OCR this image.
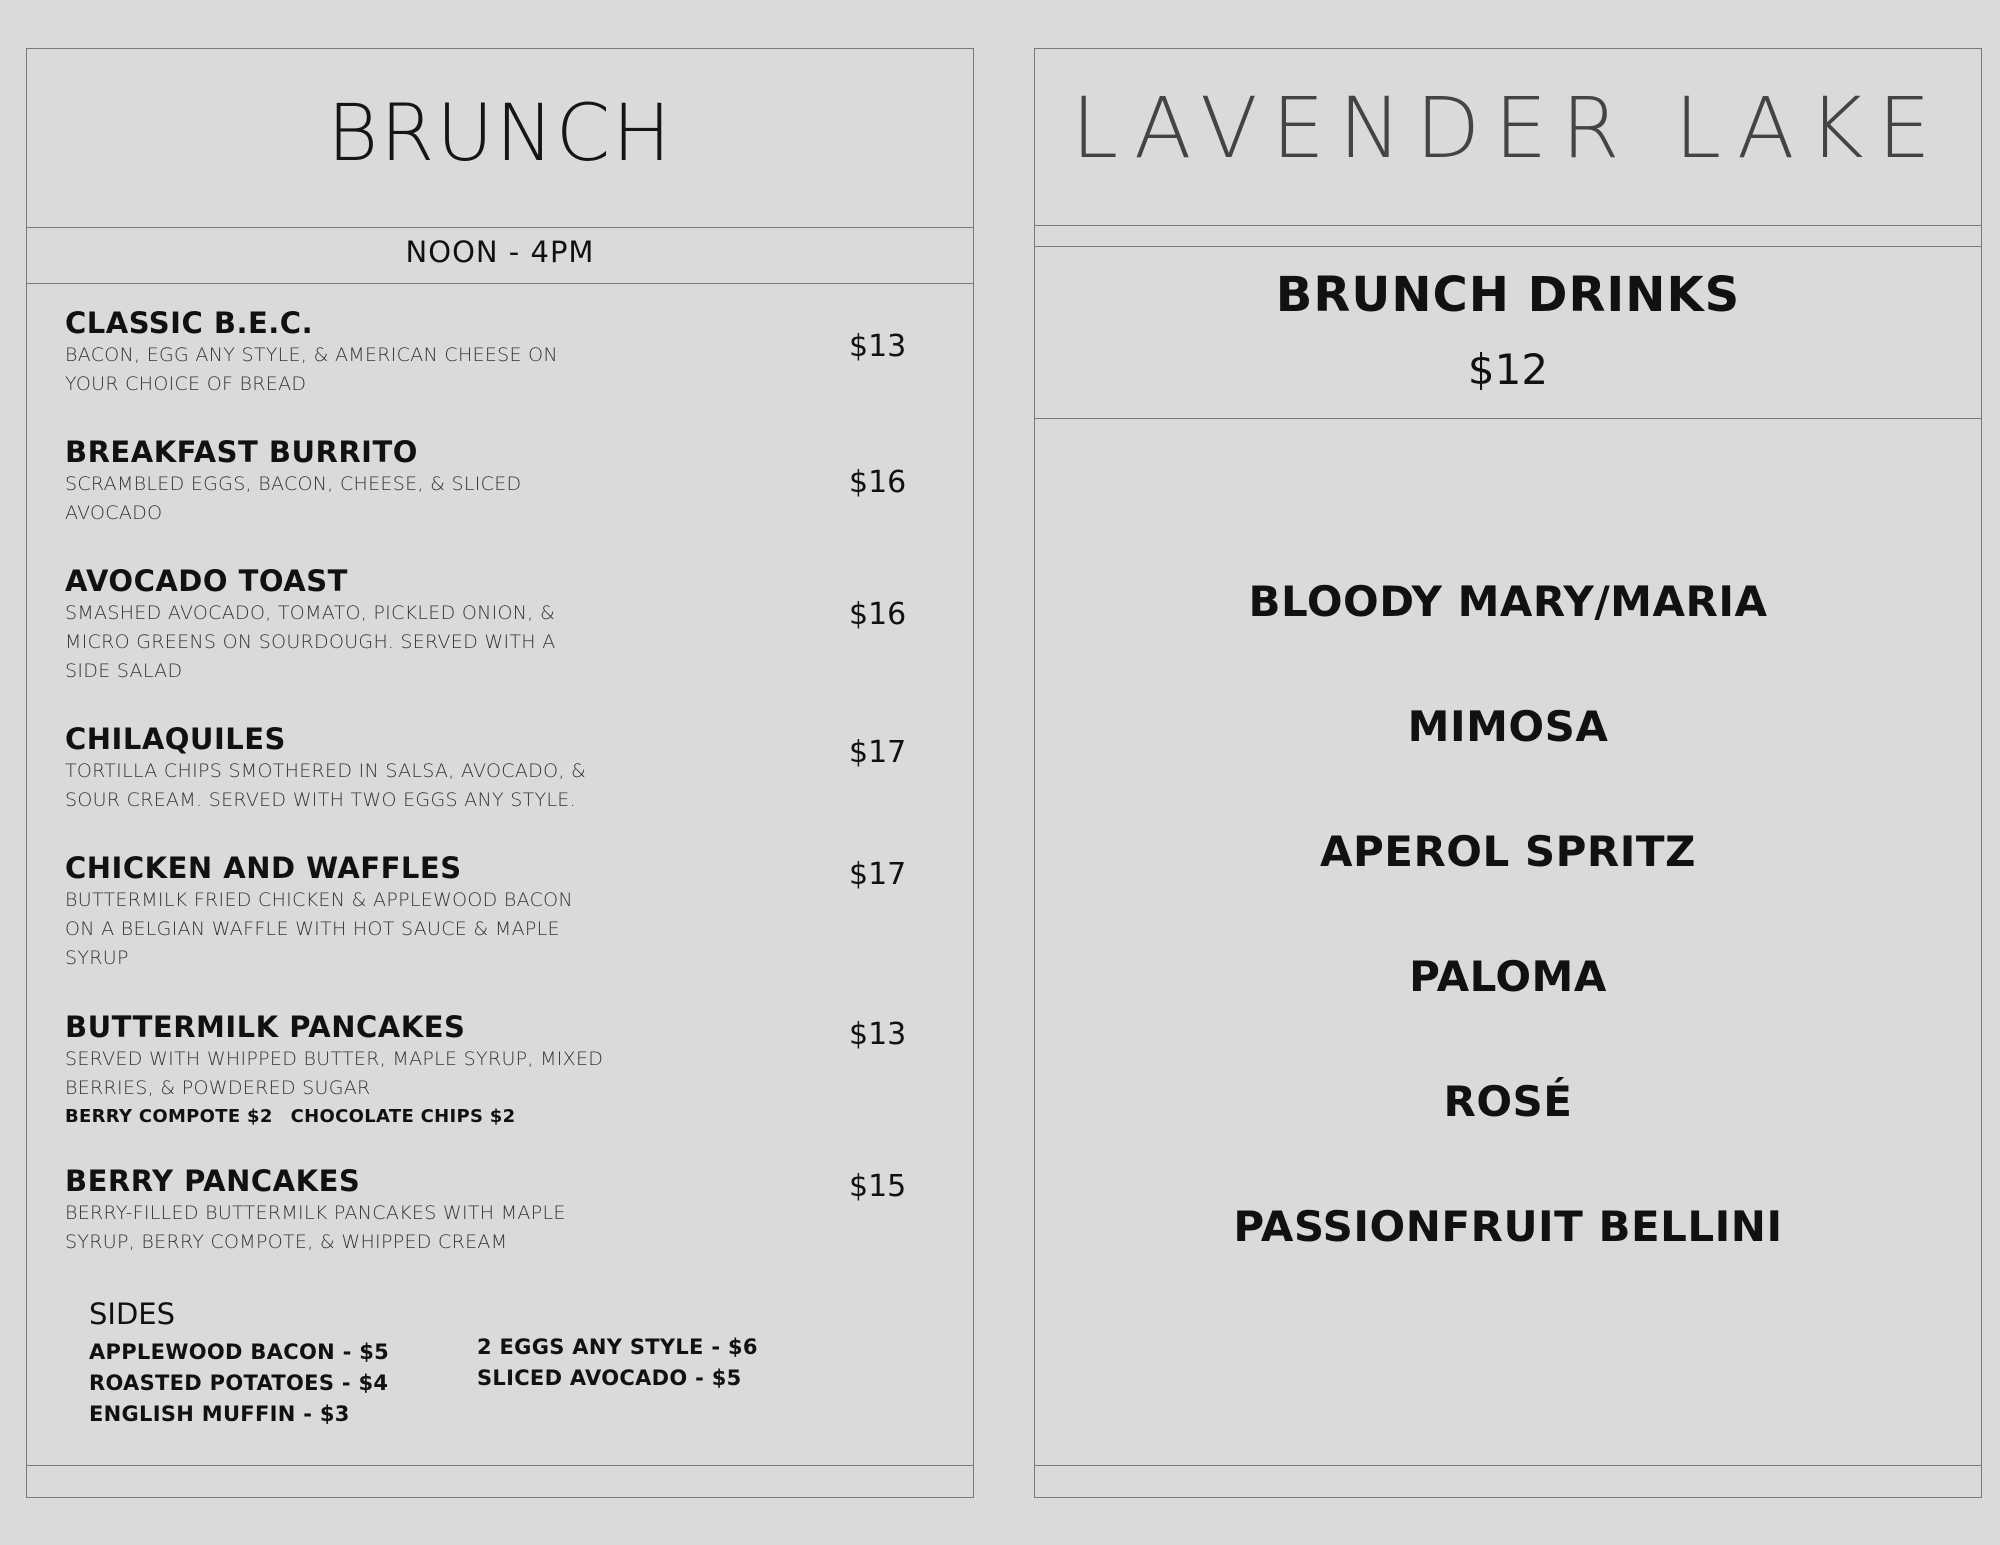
BRUNCH
NOON - 4PM
CLASSIC B.E.C.
BACON, EGG ANY STYLE, & AMERICAN CHEESE ON YOUR CHOICE OF BREAD
$13
BREAKFAST BURRITO
SCRAMBLED EGGS, BACON, CHEESE, & SLICED AVOCADO
$16
AVOCADO TOAST
SMASHED AVOCADO, TOMATO, PICKLED ONION, & MICRO GREENS ON SOURDOUGH. SERVED WITH A SIDE SALAD
$16
CHILAQUILES
TORTILLA CHIPS SMOTHERED IN SALSA, AVOCADO, & SOUR CREAM. SERVED WITH TWO EGGS ANY STYLE.
$17
CHICKEN AND WAFFLES
BUTTERMILK FRIED CHICKEN & APPLEWOOD BACON ON A BELGIAN WAFFLE WITH HOT SAUCE & MAPLE SYRUP
$17
BUTTERMILK PANCAKES
SERVED WITH WHIPPED BUTTER, MAPLE SYRUP, MIXED BERRIES, & POWDERED SUGAR
BERRY COMPOTE $2 CHOCOLATE CHIPS $2
$13
BERRY PANCAKES
BERRY-FILLED BUTTERMILK PANCAKES WITH MAPLE SYRUP, BERRY COMPOTE, & WHIPPED CREAM
$15
SIDES
APPLEWOOD BACON - $5
ROASTED POTATOES - $4
ENGLISH MUFFIN - $3
2 EGGS ANY STYLE - $6
SLICED AVOCADO - $5
LAVENDER LAKE
BRUNCH DRINKS
$12
BLOODY MARY/MARIA
MIMOSA
APEROL SPRITZ
PALOMA
ROSÉ
PASSIONFRUIT BELLINI
